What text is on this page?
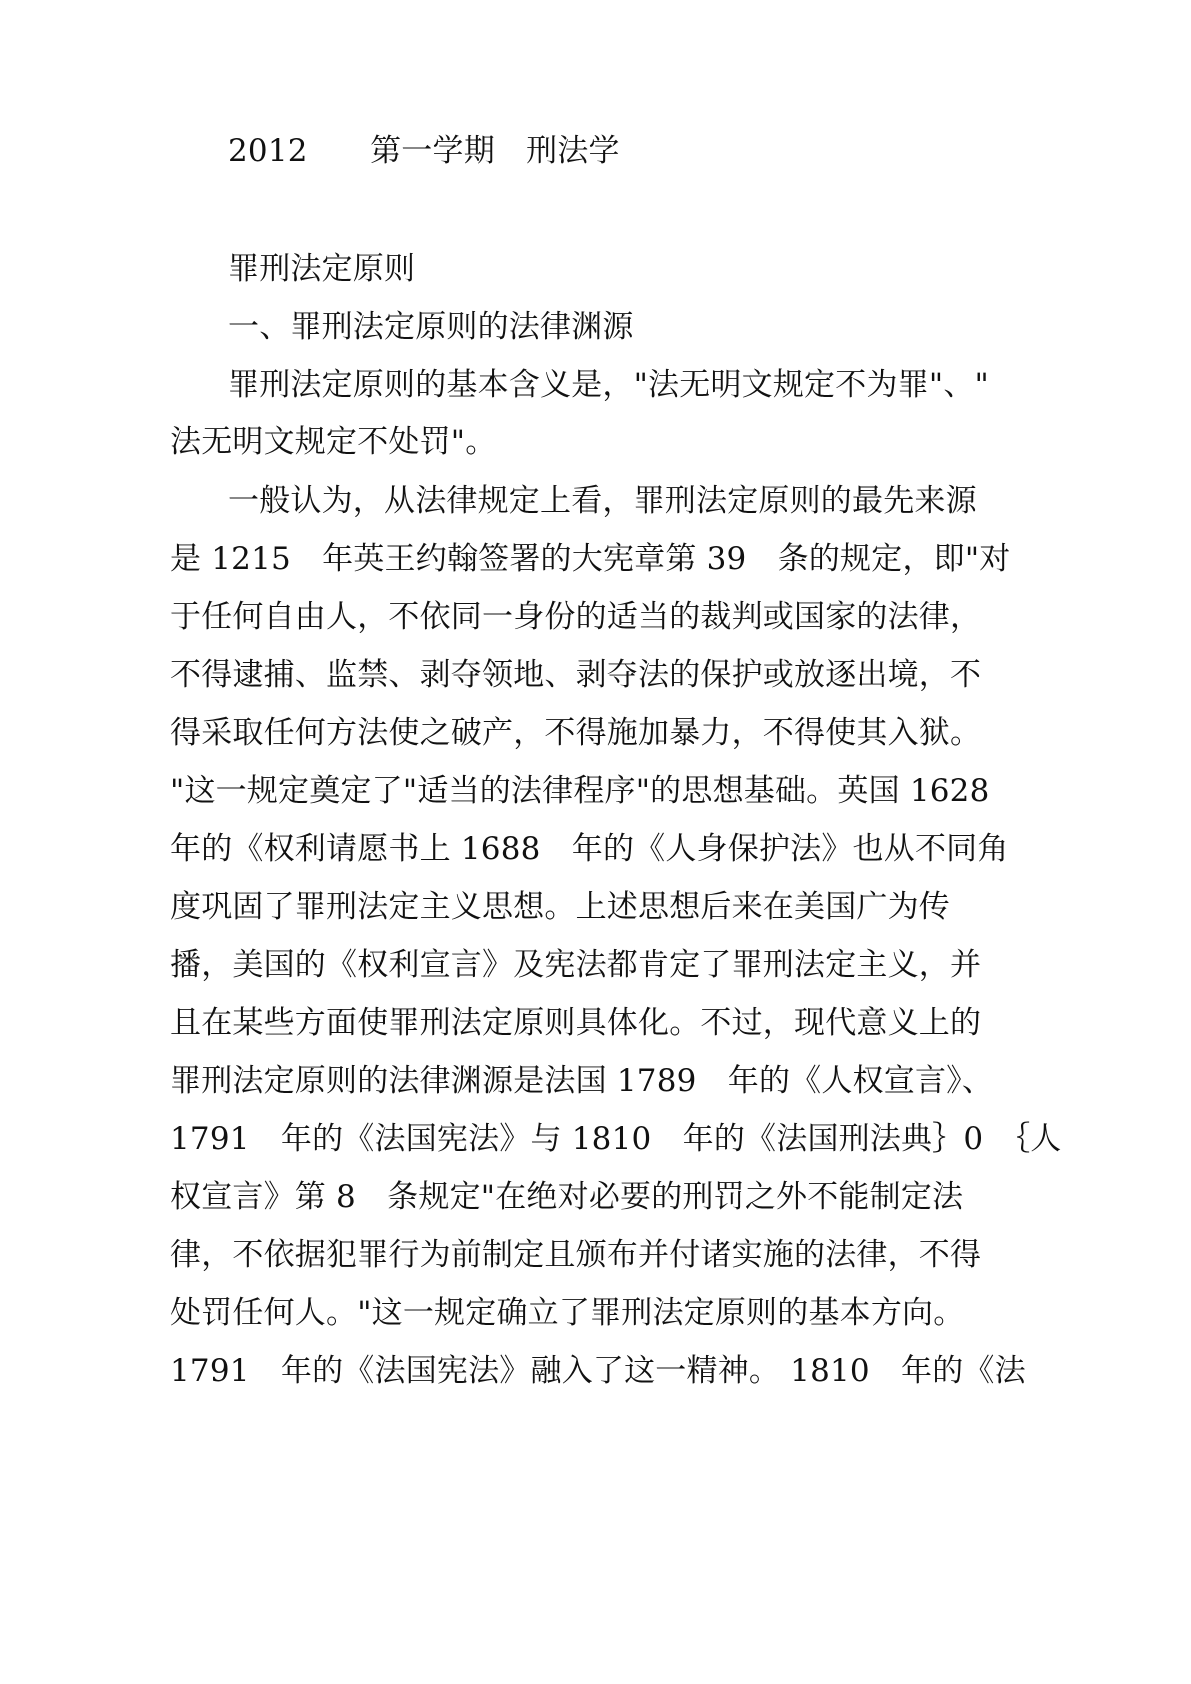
2012　　第一学期　刑法学
罪刑法定原则
一、罪刑法定原则的法律渊源
罪刑法定原则的基本含义是，"法无明文规定不为罪"、"
法无明文规定不处罚"。
一般认为，从法律规定上看，罪刑法定原则的最先来源
是 1215　年英王约翰签署的大宪章第 39　条的规定，即"对
于任何自由人，不依同一身份的适当的裁判或国家的法律，
不得逮捕、监禁、剥夺领地、剥夺法的保护或放逐出境，不
得采取任何方法使之破产，不得施加暴力，不得使其入狱。
"这一规定奠定了"适当的法律程序"的思想基础。英国 1628
年的《权利请愿书上 1688　年的《人身保护法》也从不同角
度巩固了罪刑法定主义思想。上述思想后来在美国广为传
播，美国的《权利宣言》及宪法都肯定了罪刑法定主义，并
且在某些方面使罪刑法定原则具体化。不过，现代意义上的
罪刑法定原则的法律渊源是法国 1789　年的《人权宣言》、
1791　年的《法国宪法》与 1810　年的《法国刑法典｝0　｛人
权宣言》第 8　条规定"在绝对必要的刑罚之外不能制定法
律，不依据犯罪行为前制定且颁布并付诸实施的法律，不得
处罚任何人。"这一规定确立了罪刑法定原则的基本方向。
1791　年的《法国宪法》融入了这一精神。 1810　年的《法
